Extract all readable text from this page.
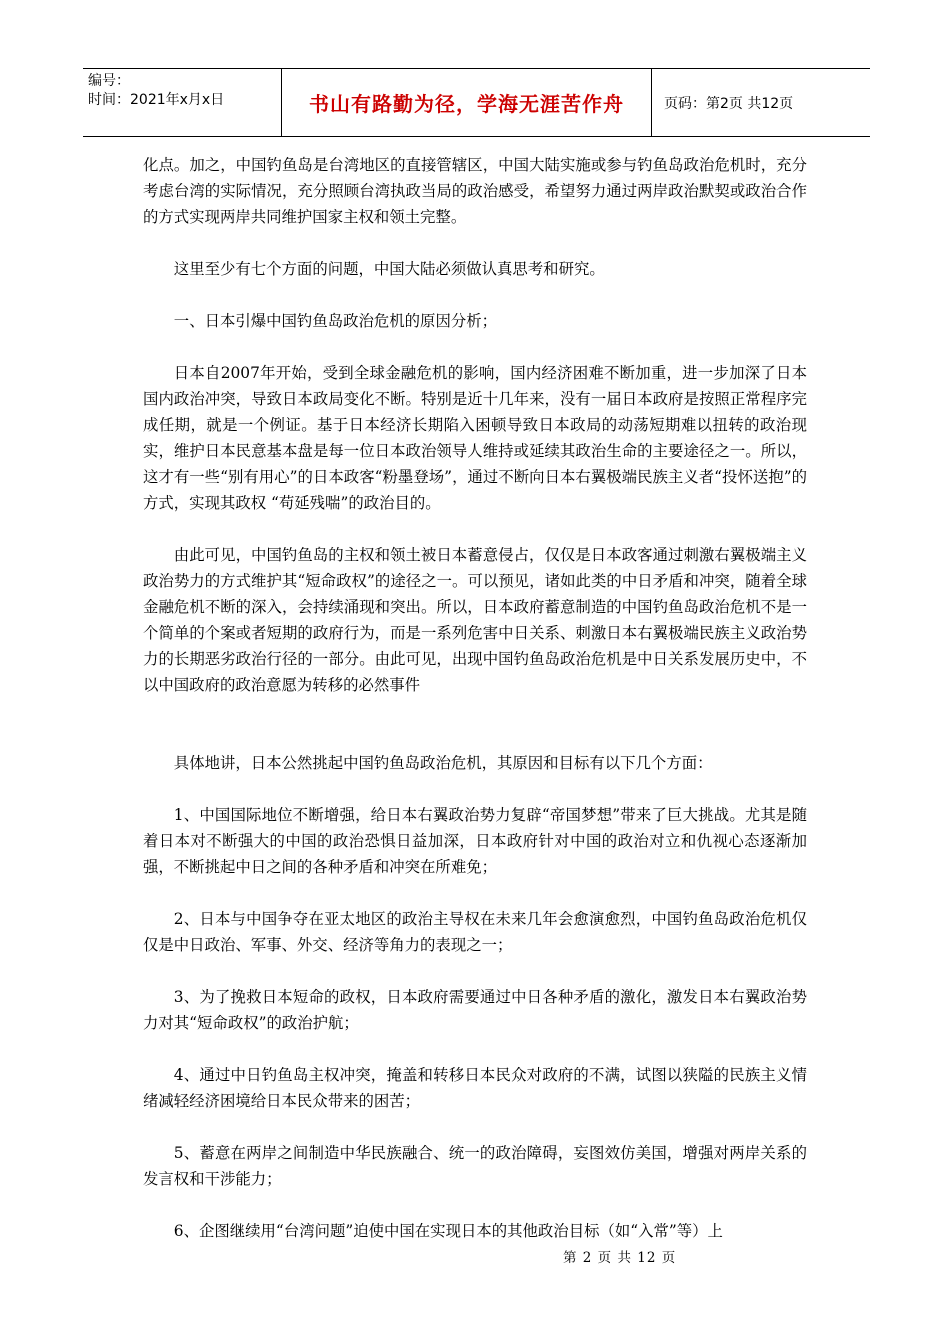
编号：
时间：2021年x月x日	书山有路勤为径，学海无涯苦作舟	页码：第2页 共12页

化点。加之，中国钓鱼岛是台湾地区的直接管辖区，中国大陆实施或参与钓鱼岛政治危机时，充分考虑台湾的实际情况，充分照顾台湾执政当局的政治感受，希望努力通过两岸政治默契或政治合作的方式实现两岸共同维护国家主权和领土完整。

这里至少有七个方面的问题，中国大陆必须做认真思考和研究。

一、日本引爆中国钓鱼岛政治危机的原因分析；

日本自2007年开始，受到全球金融危机的影响，国内经济困难不断加重，进一步加深了日本国内政治冲突，导致日本政局变化不断。特别是近十几年来，没有一届日本政府是按照正常程序完成任期，就是一个例证。基于日本经济长期陷入困顿导致日本政局的动荡短期难以扭转的政治现实，维护日本民意基本盘是每一位日本政治领导人维持或延续其政治生命的主要途径之一。所以，这才有一些“别有用心”的日本政客“粉墨登场”，通过不断向日本右翼极端民族主义者“投怀送抱”的方式，实现其政权 “苟延残喘”的政治目的。

由此可见，中国钓鱼岛的主权和领土被日本蓄意侵占，仅仅是日本政客通过刺激右翼极端主义政治势力的方式维护其“短命政权”的途径之一。可以预见，诸如此类的中日矛盾和冲突，随着全球金融危机不断的深入，会持续涌现和突出。所以，日本政府蓄意制造的中国钓鱼岛政治危机不是一个简单的个案或者短期的政府行为，而是一系列危害中日关系、刺激日本右翼极端民族主义政治势力的长期恶劣政治行径的一部分。由此可见，出现中国钓鱼岛政治危机是中日关系发展历史中，不以中国政府的政治意愿为转移的必然事件

具体地讲，日本公然挑起中国钓鱼岛政治危机，其原因和目标有以下几个方面：

1、中国国际地位不断增强，给日本右翼政治势力复辟“帝国梦想”带来了巨大挑战。尤其是随着日本对不断强大的中国的政治恐惧日益加深，日本政府针对中国的政治对立和仇视心态逐渐加强，不断挑起中日之间的各种矛盾和冲突在所难免；

2、日本与中国争夺在亚太地区的政治主导权在未来几年会愈演愈烈，中国钓鱼岛政治危机仅仅是中日政治、军事、外交、经济等角力的表现之一；

3、为了挽救日本短命的政权，日本政府需要通过中日各种矛盾的激化，激发日本右翼政治势力对其“短命政权”的政治护航；

4、通过中日钓鱼岛主权冲突，掩盖和转移日本民众对政府的不满，试图以狭隘的民族主义情绪减轻经济困境给日本民众带来的困苦；

5、蓄意在两岸之间制造中华民族融合、统一的政治障碍，妄图效仿美国，增强对两岸关系的发言权和干涉能力；

6、企图继续用“台湾问题”迫使中国在实现日本的其他政治目标（如“入常”等）上

第 2 页 共 12 页
